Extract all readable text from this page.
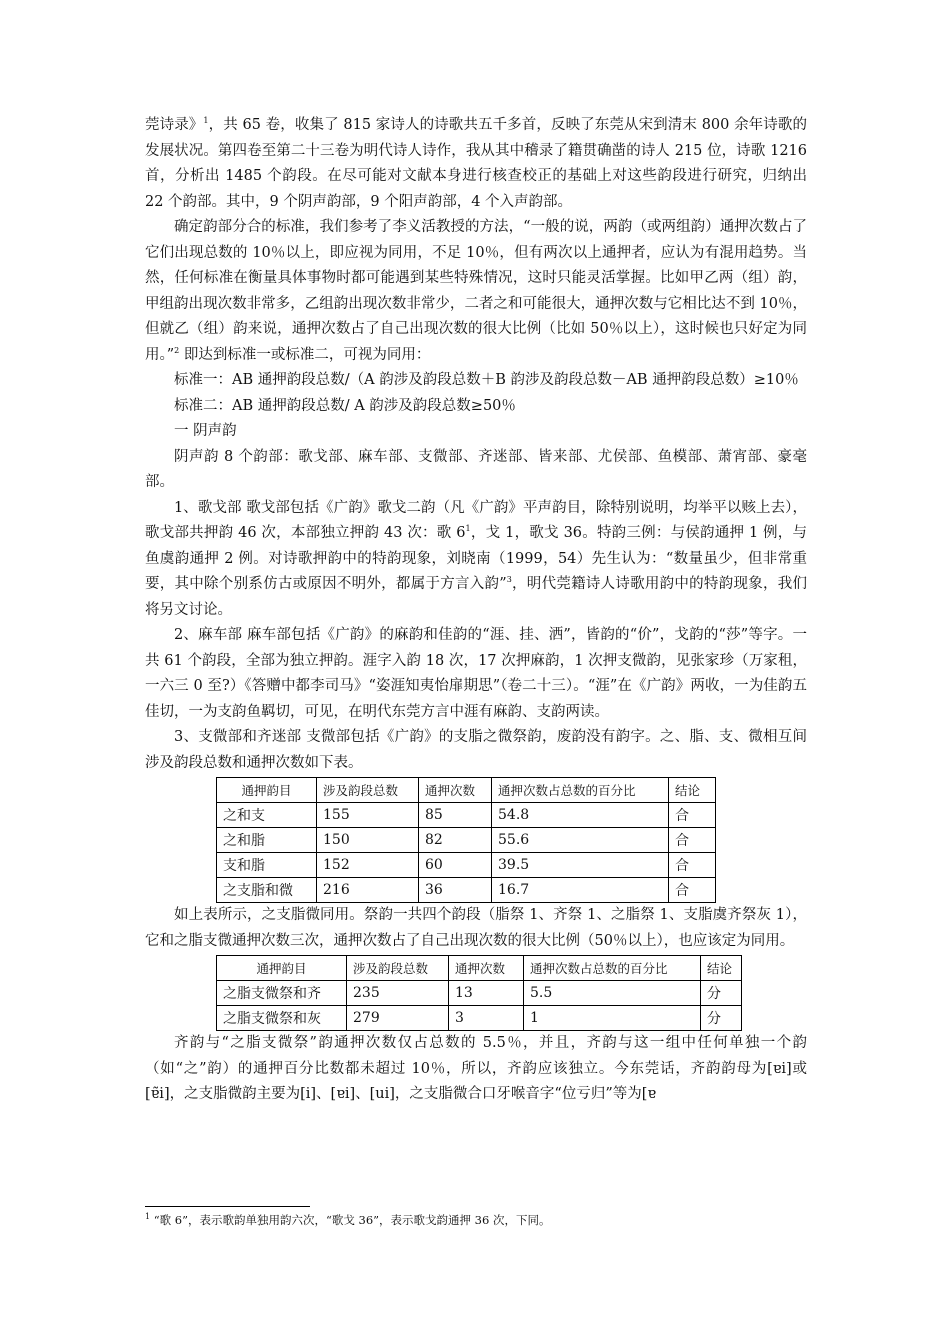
莞诗录》$^1$，共 65 卷，收集了 815 家诗人的诗歌共五千多首，反映了东莞从宋到清末 800 余年诗歌的发展状况。第四卷至第二十三卷为明代诗人诗作，我从其中稽录了籍贯确凿的诗人 215 位，诗歌 1216 首，分析出 1485 个韵段。在尽可能对文献本身进行核查校正的基础上对这些韵段进行研究，归纳出 22 个韵部。其中，9 个阴声韵部，9 个阳声韵部，4 个入声韵部。

确定韵部分合的标准，我们参考了李义活教授的方法，“一般的说，两韵（或两组韵）通押次数占了它们出现总数的 10％以上，即应视为同用，不足 10％，但有两次以上通押者，应认为有混用趋势。当然，任何标准在衡量具体事物时都可能遇到某些特殊情况，这时只能灵活掌握。比如甲乙两（组）韵，甲组韵出现次数非常多，乙组韵出现次数非常少，二者之和可能很大，通押次数与它相比达不到 10％，但就乙（组）韵来说，通押次数占了自己出现次数的很大比例（比如 50％以上），这时候也只好定为同用。”$^2$ 即达到标准一或标准二，可视为同用：

标准一：AB 通押韵段总数/（A 韵涉及韵段总数＋B 韵涉及韵段总数－AB 通押韵段总数）≥10％

标准二：AB 通押韵段总数/ A 韵涉及韵段总数≥50％

一 阴声韵

阴声韵 8 个韵部：歌戈部、麻车部、支微部、齐迷部、皆来部、尤侯部、鱼模部、萧宵部、豪毫部。

1、歌戈部 歌戈部包括《广韵》歌戈二韵（凡《广韵》平声韵目，除特别说明，均举平以赅上去），歌戈部共押韵 46 次，本部独立押韵 43 次：歌 $6^1$，戈 1，歌戈 36。特韵三例：与侯韵通押 1 例，与鱼虞韵通押 2 例。对诗歌押韵中的特韵现象，刘晓南（1999，54）先生认为：“数量虽少，但非常重要，其中除个别系仿古或原因不明外，都属于方言入韵”$^3$，明代莞籍诗人诗歌用韵中的特韵现象，我们将另文讨论。

2、麻车部 麻车部包括《广韵》的麻韵和佳韵的“涯、挂、洒”，皆韵的“价”，戈韵的“莎”等字。一共 61 个韵段，全部为独立押韵。涯字入韵 18 次，17 次押麻韵，1 次押支微韵，见张家珍（万家租，一六三 0 至?）《答赠中都李司马》“姿涯知夷怡扉期思”（卷二十三）。“涯”在《广韵》两收，一为佳韵五佳切，一为支韵鱼羁切，可见，在明代东莞方言中涯有麻韵、支韵两读。

3、支微部和齐迷部 支微部包括《广韵》的支脂之微祭韵，废韵没有韵字。之、脂、支、微相互间涉及韵段总数和通押次数如下表。

通押韵目	涉及韵段总数	通押次数	通押次数占总数的百分比	结论
之和支	155	85	54.8	合
之和脂	150	82	55.6	合
支和脂	152	60	39.5	合
之支脂和微	216	36	16.7	合

如上表所示，之支脂微同用。祭韵一共四个韵段（脂祭 1、齐祭 1、之脂祭 1、支脂虞齐祭灰 1），它和之脂支微通押次数三次，通押次数占了自己出现次数的很大比例（50％以上），也应该定为同用。

通押韵目	涉及韵段总数	通押次数	通押次数占总数的百分比	结论
之脂支微祭和齐	235	13	5.5	分
之脂支微祭和灰	279	3	1	分

齐韵与“之脂支微祭”韵通押次数仅占总数的 5.5％，并且，齐韵与这一组中任何单独一个韵（如“之”韵）的通押百分比数都未超过 10％，所以，齐韵应该独立。今东莞话，齐韵韵母为[ɐi]或[ɐ̃i]，之支脂微韵主要为[i]、[ɐi]、[ui]，之支脂微合口牙喉音字“位亏归”等为[ɐ

$^1$ “歌 6”，表示歌韵单独用韵六次，“歌戈 36”，表示歌戈韵通押 36 次，下同。
